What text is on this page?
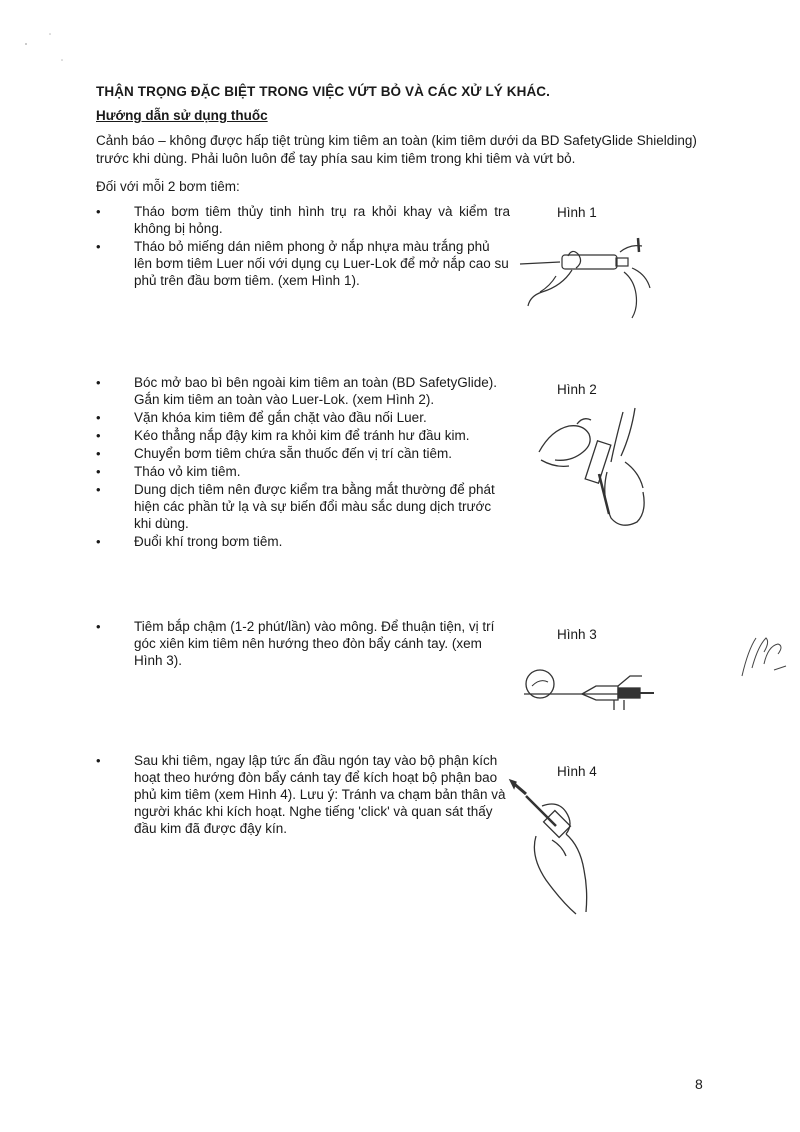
THẬN TRỌNG ĐẶC BIỆT TRONG VIỆC VỨT BỎ VÀ CÁC XỬ LÝ KHÁC.
Hướng dẫn sử dụng thuốc
Cảnh báo – không được hấp tiệt trùng kim tiêm an toàn (kim tiêm dưới da BD SafetyGlide Shielding) trước khi dùng. Phải luôn luôn để tay phía sau kim tiêm trong khi tiêm và vứt bỏ.
Đối với mỗi 2 bơm tiêm:
• Tháo bơm tiêm thủy tinh hình trụ ra khỏi khay và kiểm tra không bị hỏng.
• Tháo bỏ miếng dán niêm phong ở nắp nhựa màu trắng phủ lên bơm tiêm Luer nối với dụng cụ Luer-Lok để mở nắp cao su phủ trên đầu bơm tiêm. (xem Hình 1).
Hình 1
• Bóc mở bao bì bên ngoài kim tiêm an toàn (BD SafetyGlide). Gắn kim tiêm an toàn vào Luer-Lok. (xem Hình 2).
• Vặn khóa kim tiêm để gắn chặt vào đầu nối Luer.
• Kéo thẳng nắp đậy kim ra khỏi kim để tránh hư đầu kim.
• Chuyển bơm tiêm chứa sẵn thuốc đến vị trí cần tiêm.
• Tháo vỏ kim tiêm.
• Dung dịch tiêm nên được kiểm tra bằng mắt thường để phát hiện các phần tử lạ và sự biến đổi màu sắc dung dịch trước khi dùng.
• Đuổi khí trong bơm tiêm.
Hình 2
• Tiêm bắp chậm (1-2 phút/lần) vào mông. Để thuận tiện, vị trí góc xiên kim tiêm nên hướng theo đòn bẩy cánh tay. (xem Hình 3).
Hình 3
• Sau khi tiêm, ngay lập tức ấn đầu ngón tay vào bộ phận kích hoạt theo hướng đòn bẩy cánh tay để kích hoạt bộ phận bao phủ kim tiêm (xem Hình 4). Lưu ý: Tránh va chạm bản thân và người khác khi kích hoạt. Nghe tiếng 'click' và quan sát thấy đầu kim đã được đậy kín.
Hình 4
8
